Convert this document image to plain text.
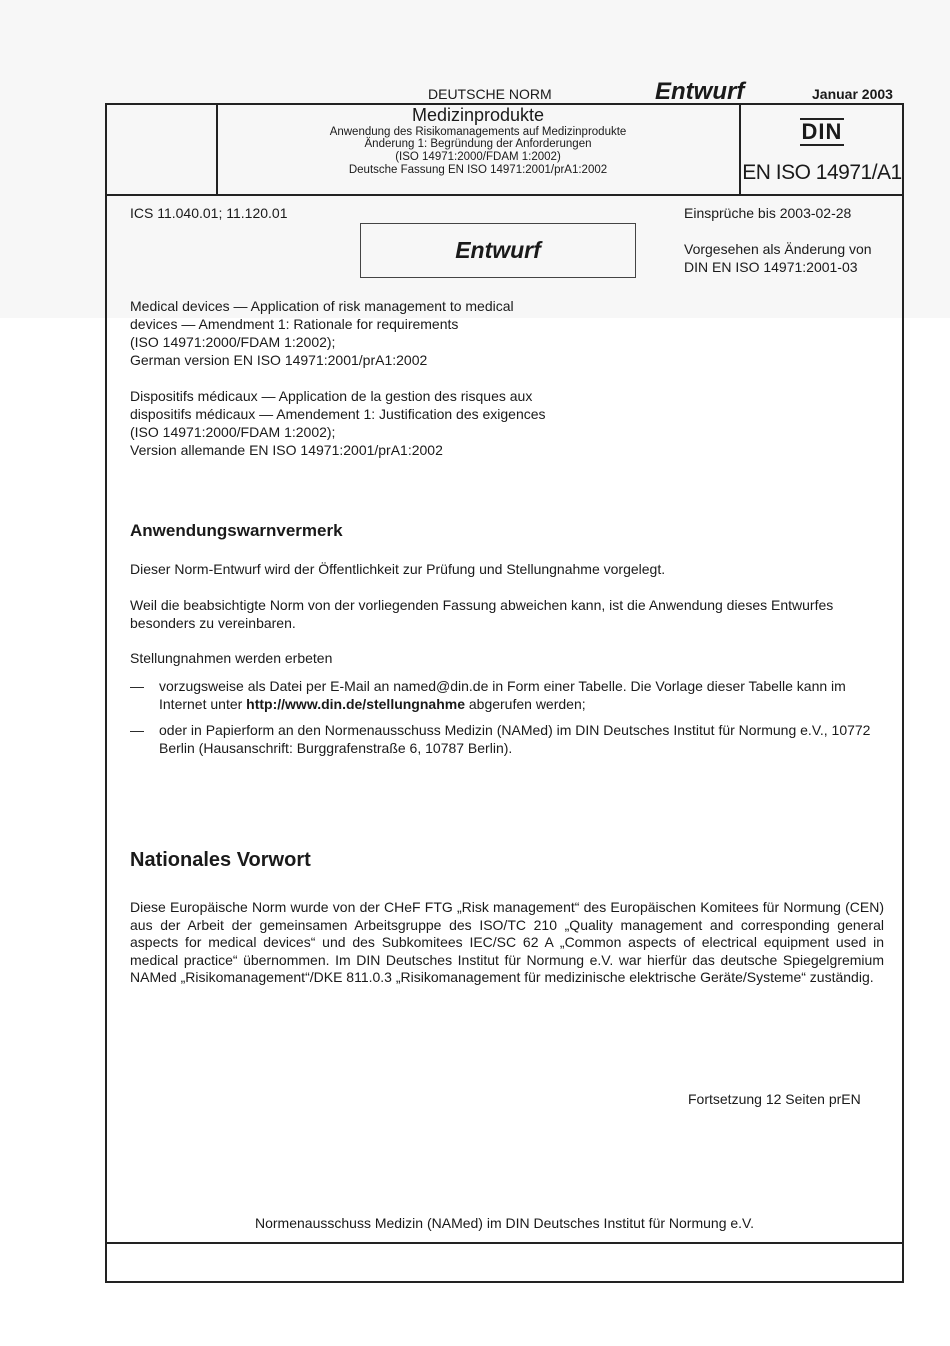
DEUTSCHE NORM	Entwurf	Januar 2003
Medizinprodukte
Anwendung des Risikomanagements auf Medizinprodukte
Änderung 1: Begründung der Anforderungen
(ISO 14971:2000/FDAM 1:2002)
Deutsche Fassung EN ISO 14971:2001/prA1:2002
DIN
EN ISO 14971/A1
ICS 11.040.01; 11.120.01	Einsprüche bis 2003-02-28
Entwurf	Vorgesehen als Änderung von
DIN EN ISO 14971:2001-03
Medical devices — Application of risk management to medical
devices — Amendment 1: Rationale for requirements
(ISO 14971:2000/FDAM 1:2002);
German version EN ISO 14971:2001/prA1:2002
Dispositifs médicaux — Application de la gestion des risques aux
dispositifs médicaux — Amendement 1: Justification des exigences
(ISO 14971:2000/FDAM 1:2002);
Version allemande EN ISO 14971:2001/prA1:2002
Anwendungswarnvermerk
Dieser Norm-Entwurf wird der Öffentlichkeit zur Prüfung und Stellungnahme vorgelegt.
Weil die beabsichtigte Norm von der vorliegenden Fassung abweichen kann, ist die Anwendung dieses Entwurfes besonders zu vereinbaren.
Stellungnahmen werden erbeten
— vorzugsweise als Datei per E-Mail an named@din.de in Form einer Tabelle. Die Vorlage dieser Tabelle kann im Internet unter http://www.din.de/stellungnahme abgerufen werden;
— oder in Papierform an den Normenausschuss Medizin (NAMed) im DIN Deutsches Institut für Normung e.V., 10772 Berlin (Hausanschrift: Burggrafenstraße 6, 10787 Berlin).
Nationales Vorwort
Diese Europäische Norm wurde von der CHeF FTG „Risk management“ des Europäischen Komitees für Normung (CEN) aus der Arbeit der gemeinsamen Arbeitsgruppe des ISO/TC 210 „Quality management and corresponding general aspects for medical devices“ und des Subkomitees IEC/SC 62 A „Common aspects of electrical equipment used in medical practice“ übernommen. Im DIN Deutsches Institut für Normung e.V. war hierfür das deutsche Spiegelgremium NAMed „Risikomanagement“/DKE 811.0.3 „Risikomanagement für medizinische elektrische Geräte/Systeme“ zuständig.
Fortsetzung 12 Seiten prEN
Normenausschuss Medizin (NAMed) im DIN Deutsches Institut für Normung e.V.
